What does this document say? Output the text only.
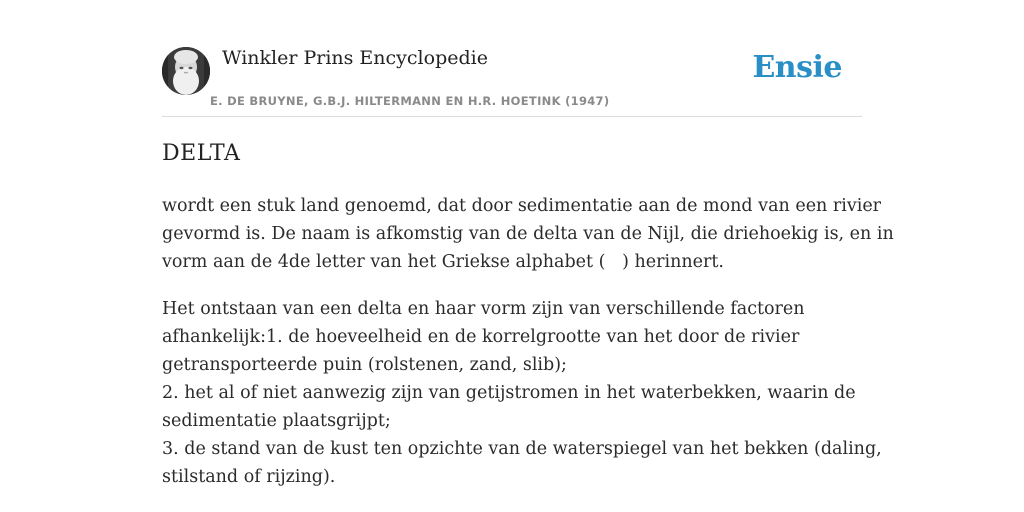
Winkler Prins Encyclopedie
E. DE BRUYNE, G.B.J. HILTERMANN EN H.R. HOETINK (1947)
Ensie
DELTA

wordt een stuk land genoemd, dat door sedimentatie aan de mond van een rivier
gevormd is. De naam is afkomstig van de delta van de Nijl, die driehoekig is, en in
vorm aan de 4de letter van het Griekse alphabet (   ) herinnert.

Het ontstaan van een delta en haar vorm zijn van verschillende factoren
afhankelijk:1. de hoeveelheid en de korrelgrootte van het door de rivier
getransporteerde puin (rolstenen, zand, slib);
2. het al of niet aanwezig zijn van getijstromen in het waterbekken, waarin de
sedimentatie plaatsgrijpt;
3. de stand van de kust ten opzichte van de waterspiegel van het bekken (daling,
stilstand of rijzing).
